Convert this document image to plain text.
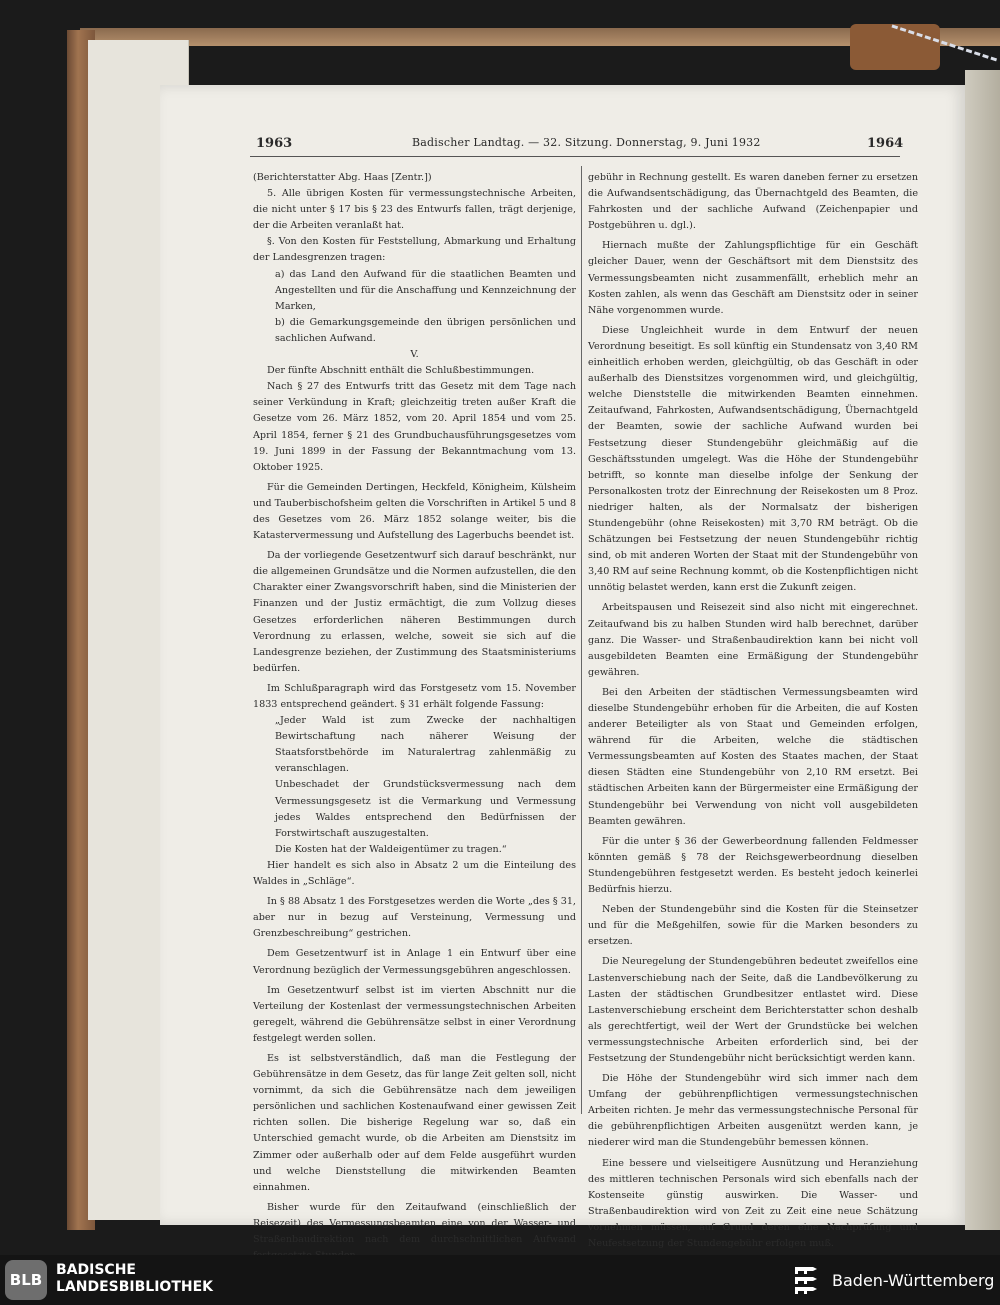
1963	Badischer Landtag. — 32. Sitzung. Donnerstag, 9. Juni 1932	1964

(Berichterstatter Abg. Haas [Zentr.])

5. Alle übrigen Kosten für vermessungstechnische Arbeiten, die nicht unter § 17 bis § 23 des Entwurfs fallen, trägt derjenige, der die Arbeiten veranlaßt hat.

§. Von den Kosten für Feststellung, Abmarkung und Erhaltung der Landesgrenzen tragen:

a) das Land den Aufwand für die staatlichen Beamten und Angestellten und für die Anschaffung und Kennzeichnung der Marken,

b) die Gemarkungsgemeinde den übrigen persönlichen und sachlichen Aufwand.

V.

Der fünfte Abschnitt enthält die Schlußbestimmungen.

Nach § 27 des Entwurfs tritt das Gesetz mit dem Tage nach seiner Verkündung in Kraft; gleichzeitig treten außer Kraft die Gesetze vom 26. März 1852, vom 20. April 1854 und vom 25. April 1854, ferner § 21 des Grundbuchausführungsgesetzes vom 19. Juni 1899 in der Fassung der Bekanntmachung vom 13. Oktober 1925.

Für die Gemeinden Dertingen, Heckfeld, Königheim, Külsheim und Tauberbischofsheim gelten die Vorschriften in Artikel 5 und 8 des Gesetzes vom 26. März 1852 solange weiter, bis die Katastervermessung und Aufstellung des Lagerbuchs beendet ist.

Da der vorliegende Gesetzentwurf sich darauf beschränkt, nur die allgemeinen Grundsätze und die Normen aufzustellen, die den Charakter einer Zwangsvorschrift haben, sind die Ministerien der Finanzen und der Justiz ermächtigt, die zum Vollzug dieses Gesetzes erforderlichen näheren Bestimmungen durch Verordnung zu erlassen, welche, soweit sie sich auf die Landesgrenze beziehen, der Zustimmung des Staatsministeriums bedürfen.

Im Schlußparagraph wird das Forstgesetz vom 15. November 1833 entsprechend geändert. § 31 erhält folgende Fassung:

„Jeder Wald ist zum Zwecke der nachhaltigen Bewirtschaftung nach näherer Weisung der Staatsforstbehörde im Naturalertrag zahlenmäßig zu veranschlagen.

Unbeschadet der Grundstücksvermessung nach dem Vermessungsgesetz ist die Vermarkung und Vermessung jedes Waldes entsprechend den Bedürfnissen der Forstwirtschaft auszugestalten.

Die Kosten hat der Waldeigentümer zu tragen.“

Hier handelt es sich also in Absatz 2 um die Einteilung des Waldes in „Schläge“.

In § 88 Absatz 1 des Forstgesetzes werden die Worte „des § 31, aber nur in bezug auf Versteinung, Vermessung und Grenzbeschreibung“ gestrichen.

Dem Gesetzentwurf ist in Anlage 1 ein Entwurf über eine Verordnung bezüglich der Vermessungsgebühren angeschlossen.

Im Gesetzentwurf selbst ist im vierten Abschnitt nur die Verteilung der Kostenlast der vermessungstechnischen Arbeiten geregelt, während die Gebührensätze selbst in einer Verordnung festgelegt werden sollen.

Es ist selbstverständlich, daß man die Festlegung der Gebührensätze in dem Gesetz, das für lange Zeit gelten soll, nicht vornimmt, da sich die Gebührensätze nach dem jeweiligen persönlichen und sachlichen Kostenaufwand einer gewissen Zeit richten sollen. Die bisherige Regelung war so, daß ein Unterschied gemacht wurde, ob die Arbeiten am Dienstsitz im Zimmer oder außerhalb oder auf dem Felde ausgeführt wurden und welche Dienststellung die mitwirkenden Beamten einnahmen.

Bisher wurde für den Zeitaufwand (einschließlich der Reisezeit) des Vermessungsbeamten eine von der Wasser- und Straßenbaudirektion nach dem durchschnittlichen Aufwand

gebühr in Rechnung gestellt. Es waren daneben ferner zu ersetzen die Aufwandsentschädigung, das Übernachtgeld des Beamten, die Fahrkosten und der sachliche Aufwand (Zeichenpapier und Postgebühren u. dgl.).

Hiernach mußte der Zahlungspflichtige für ein Geschäft gleicher Dauer, wenn der Geschäftsort mit dem Dienstsitz des Vermessungsbeamten nicht zusammenfällt, erheblich mehr an Kosten zahlen, als wenn das Geschäft am Dienstsitz oder in seiner Nähe vorgenommen wurde.

Diese Ungleichheit wurde in dem Entwurf der neuen Verordnung beseitigt. Es soll künftig ein Stundensatz von 3,40 RM einheitlich erhoben werden, gleichgültig, ob das Geschäft in oder außerhalb des Dienstsitzes vorgenommen wird, und gleichgültig, welche Dienststelle die mitwirkenden Beamten einnehmen. Zeitaufwand, Fahrkosten, Aufwandsentschädigung, Übernachtgeld der Beamten, sowie der sachliche Aufwand wurden bei Festsetzung dieser Stundengebühr gleichmäßig auf die Geschäftsstunden umgelegt. Was die Höhe der Stundengebühr betrifft, so konnte man dieselbe infolge der Senkung der Personalkosten trotz der Einrechnung der Reisekosten um 8 Proz. niedriger halten, als der Normalsatz der bisherigen Stundengebühr (ohne Reisekosten) mit 3,70 RM beträgt. Ob die Schätzungen bei Festsetzung der neuen Stundengebühr richtig sind, ob mit anderen Worten der Staat mit der Stundengebühr von 3,40 RM auf seine Rechnung kommt, ob die Kostenpflichtigen nicht unnötig belastet werden, kann erst die Zukunft zeigen.

Arbeitspausen und Reisezeit sind also nicht mit eingerechnet. Zeitaufwand bis zu halben Stunden wird halb berechnet, darüber ganz. Die Wasser- und Straßenbaudirektion kann bei nicht voll ausgebildeten Beamten eine Ermäßigung der Stundengebühr gewähren.

Bei den Arbeiten der städtischen Vermessungsbeamten wird dieselbe Stundengebühr erhoben für die Arbeiten, die auf Kosten anderer Beteiligter als von Staat und Gemeinden erfolgen, während für die Arbeiten, welche die städtischen Vermessungsbeamten auf Kosten des Staates machen, der Staat diesen Städten eine Stundengebühr von 2,10 RM ersetzt. Bei städtischen Arbeiten kann der Bürgermeister eine Ermäßigung der Stundengebühr bei Verwendung von nicht voll ausgebildeten Beamten gewähren.

Für die unter § 36 der Gewerbeordnung fallenden Feldmesser könnten gemäß § 78 der Reichsgewerbeordnung dieselben Stundengebühren festgesetzt werden. Es besteht jedoch keinerlei Bedürfnis hierzu.

Neben der Stundengebühr sind die Kosten für die Steinsetzer und für die Meßgehilfen, sowie für die Marken besonders zu ersetzen.

Die Neuregelung der Stundengebühren bedeutet zweifellos eine Lastenverschiebung nach der Seite, daß die Landbevölkerung zu Lasten der städtischen Grundbesitzer entlastet wird. Diese Lastenverschiebung erscheint dem Berichterstatter schon deshalb als gerechtfertigt, weil der Wert der Grundstücke bei welchen vermessungstechnische Arbeiten erforderlich sind, bei der Festsetzung der Stundengebühr nicht berücksichtigt werden kann.

Die Höhe der Stundengebühr wird sich immer nach dem Umfang der gebührenpflichtigen vermessungstechnischen Arbeiten richten. Je mehr das vermessungstechnische Personal für die gebührenpflichtigen Arbeiten ausgenützt werden kann, je niederer wird man die Stundengebühr bemessen können.

Eine bessere und vielseitigere Ausnützung und Heranziehung des mittleren technischen Personals wird sich ebenfalls nach der Kostenseite günstig auswirken. Die Wasser- und Straßenbaudirektion wird von Zeit zu Zeit eine neue Schätzung vornehmen müssen, auf Grund deren eine Nachprüfung und Neufestsetzung der Stundengebühr erfolgen muß.

BLB
BADISCHE
LANDESBIBLIOTHEK	Baden-Württemberg
